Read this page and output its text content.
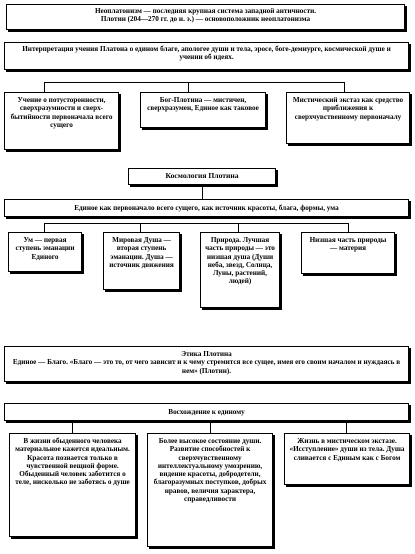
Неоплатонизм — последняя крупная система западной античности.
Плотин (204—270 гг. до н. э.) — основоположник неоплатонизма
Интерпретация учения Платона о едином благе, апологее души и тела, эросе, боге-демиурге, космической душе и учении об идеях.
Учение о потусторонности, сверхразумности и сверх-бытийности первоначала всего сущего
Бог-Плотина — мистичен, сверхразумен, Единое как таковое
Мистический экстаз как средство приближения к сверхчувственному первоначалу
Космология Плотина
Единое как первоначало всего сущего, как источник красоты, блага, формы, ума
Ум — первая ступень эманации Единого
Мировая Душа — вторая ступень эманации. Душа — источник движения
Природа. Лучшая часть природы — это низшая душа (Души неба, звезд, Солнца, Луны, растений, людей)
Низшая часть природы — материя
Этика Плотина
Единое — Благо. «Благо — это то, от чего зависит и к чему стремится все сущее, имея его своим началом и нуждаясь в нем» (Плотин).
Восхождение к единому
В жизни обыденного человека материальное кажется идеальным. Красота познается только в чувственной вещной форме. Обыденный человек заботится о теле, нисколько не заботясь о душе
Более высокое состояние души. Развитие способностей к сверхчувственному интеллектуальному умозрению, видение красоты, добродетели, благоразумных поступков, добрых нравов, величия характера, справедливости
Жизнь в мистическом экстазе. «Исступление» души из тела. Душа сливается с Единым как с Богом
